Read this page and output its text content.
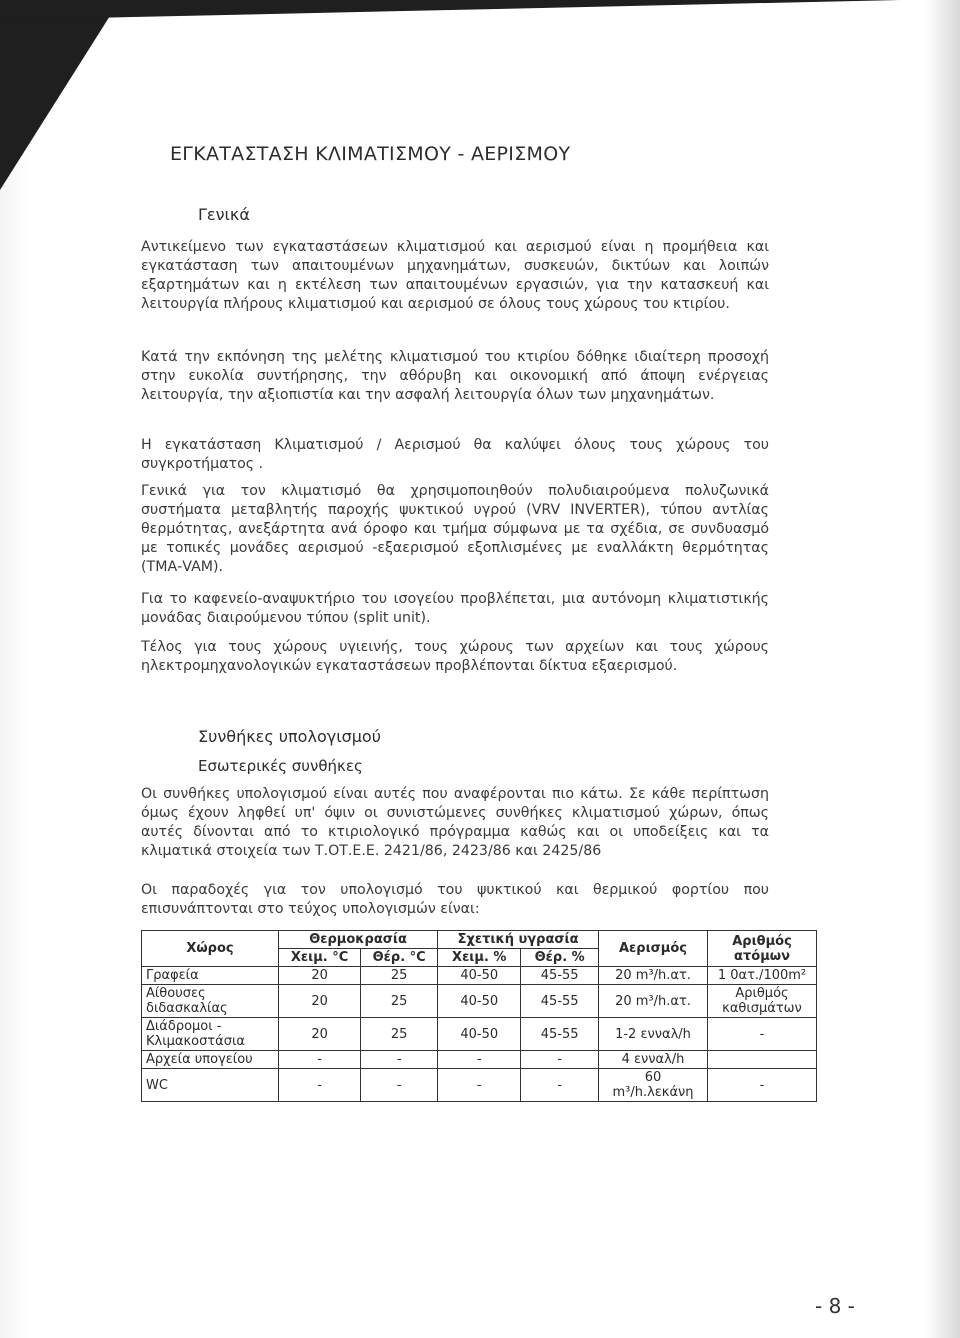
ΕΓΚΑΤΑΣΤΑΣΗ ΚΛΙΜΑΤΙΣΜΟΥ - ΑΕΡΙΣΜΟΥ
Γενικά

Αντικείμενο των εγκαταστάσεων κλιματισμού και αερισμού είναι η προμήθεια και εγκατάσταση των απαιτουμένων μηχανημάτων, συσκευών, δικτύων και λοιπών εξαρτημάτων και η εκτέλεση των απαιτουμένων εργασιών, για την κατασκευή και λειτουργία πλήρους κλιματισμού και αερισμού σε όλους τους χώρους του κτιρίου.

Κατά την εκπόνηση της μελέτης κλιματισμού του κτιρίου δόθηκε ιδιαίτερη προσοχή στην ευκολία συντήρησης, την αθόρυβη και οικονομική από άποψη ενέργειας λειτουργία, την αξιοπιστία και την ασφαλή λειτουργία όλων των μηχανημάτων.

Η εγκατάσταση Κλιματισμού / Αερισμού θα καλύψει όλους τους χώρους του συγκροτήματος .

Γενικά για τον κλιματισμό θα χρησιμοποιηθούν πολυδιαιρούμενα πολυζωνικά συστήματα μεταβλητής παροχής ψυκτικού υγρού (VRV INVERTER), τύπου αντλίας θερμότητας, ανεξάρτητα ανά όροφο και τμήμα σύμφωνα με τα σχέδια, σε συνδυασμό με τοπικές μονάδες αερισμού -εξαερισμού εξοπλισμένες με εναλλάκτη θερμότητας (ΤΜΑ-VAM).

Για το καφενείο-αναψυκτήριο του ισογείου προβλέπεται, μια αυτόνομη κλιματιστικής μονάδας διαιρούμενου τύπου (split unit).

Τέλος για τους χώρους υγιεινής, τους χώρους των αρχείων και τους χώρους ηλεκτρομηχανολογικών εγκαταστάσεων προβλέπονται δίκτυα εξαερισμού.

Συνθήκες υπολογισμού
Εσωτερικές συνθήκες

Οι συνθήκες υπολογισμού είναι αυτές που αναφέρονται πιο κάτω. Σε κάθε περίπτωση όμως έχουν ληφθεί υπ' όψιν οι συνιστώμενες συνθήκες κλιματισμού χώρων, όπως αυτές δίνονται από το κτιριολογικό πρόγραμμα καθώς και οι υποδείξεις και τα κλιματικά στοιχεία των Τ.ΟΤ.Ε.Ε. 2421/86, 2423/86 και 2425/86

Οι παραδοχές για τον υπολογισμό του ψυκτικού και θερμικού φορτίου που επισυνάπτονται στο τεύχος υπολογισμών είναι:

Χώρος	Θερμοκρασία		Σχετική υγρασία		Αερισμός	Αριθμός ατόμων
	Χειμ. °C	Θέρ. °C	Χειμ. %	Θέρ. %		
Γραφεία	20	25	40-50	45-55	20 m³/h.ατ.	1 0ατ./100m²
Αίθουσες διδασκαλίας	20	25	40-50	45-55	20 m³/h.ατ.	Αριθμός καθισμάτων
Διάδρομοι - Κλιμακοστάσια	20	25	40-50	45-55	1-2 ενναλ/h	-
Αρχεία υπογείου	-	-	-	-	4 ενναλ/h	
WC	-	-	-	-	60 m³/h.λεκάνη	-
- 8 -
